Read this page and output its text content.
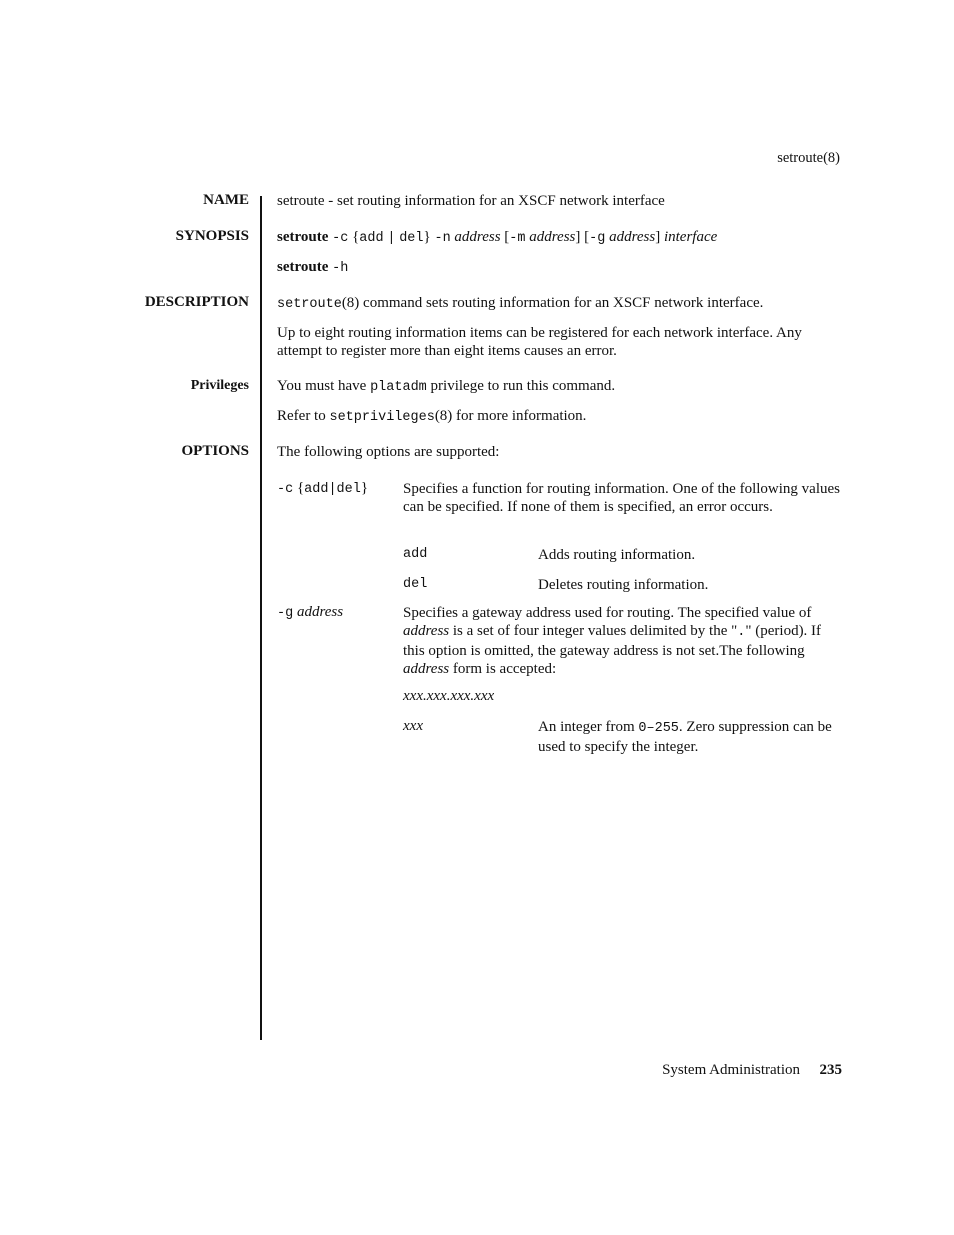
setroute(8)
NAME setroute - set routing information for an XSCF network interface
SYNOPSIS setroute -c {add | del} -n address [-m address] [-g address] interface
setroute -h
DESCRIPTION setroute(8) command sets routing information for an XSCF network interface.
Up to eight routing information items can be registered for each network interface. Any attempt to register more than eight items causes an error.
Privileges You must have platadm privilege to run this command.
Refer to setprivileges(8) for more information.
OPTIONS The following options are supported:
-c {add|del} Specifies a function for routing information. One of the following values can be specified. If none of them is specified, an error occurs.
add	Adds routing information.
del	Deletes routing information.
-g address	Specifies a gateway address used for routing. The specified value of address is a set of four integer values delimited by the "." (period). If this option is omitted, the gateway address is not set.The following address form is accepted:
xxx.xxx.xxx.xxx
xxx	An integer from 0–255. Zero suppression can be used to specify the integer.
System Administration 235
